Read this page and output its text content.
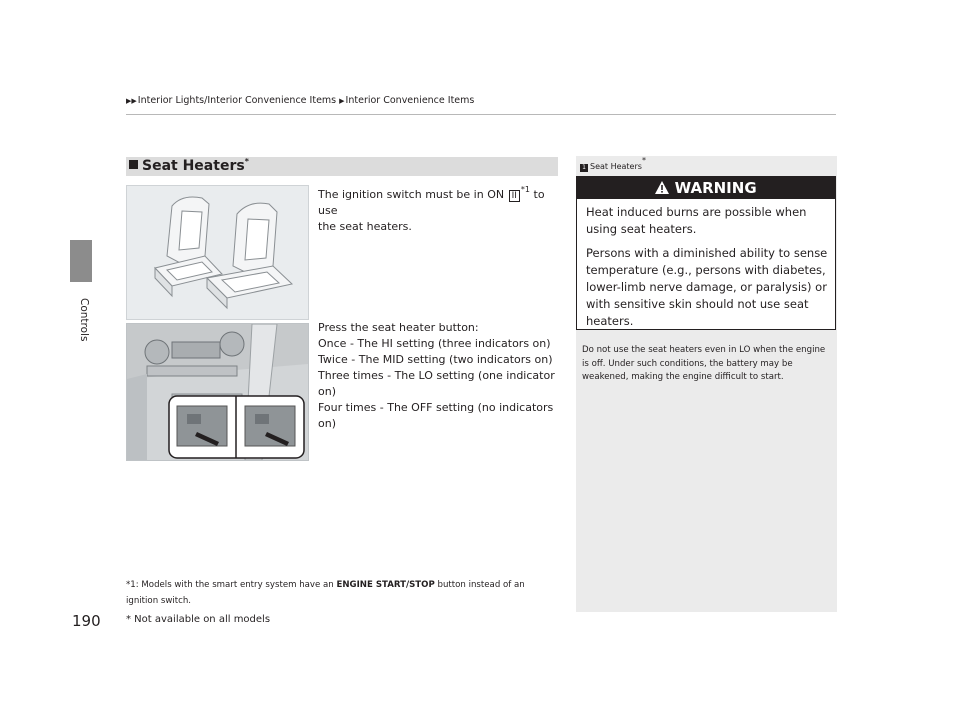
▶▶Interior Lights/Interior Convenience Items ▶Interior Convenience Items
Controls
190
Seat Heaters*
The ignition switch must be in ON II$^{*1}$ to use
the seat heaters.
Press the seat heater button:
Once - The HI setting (three indicators on)
Twice - The MID setting (two indicators on)
Three times - The LO setting (one indicator on)
Four times - The OFF setting (no indicators on)
*1: Models with the smart entry system have an ENGINE START/STOP button instead of an
ignition switch.
* Not available on all models
1 Seat Heaters*
WARNING
Heat induced burns are possible when using seat heaters.
Persons with a diminished ability to sense temperature (e.g., persons with diabetes, lower-limb nerve damage, or paralysis) or with sensitive skin should not use seat heaters.
Do not use the seat heaters even in LO when the engine is off. Under such conditions, the battery may be weakened, making the engine difficult to start.
